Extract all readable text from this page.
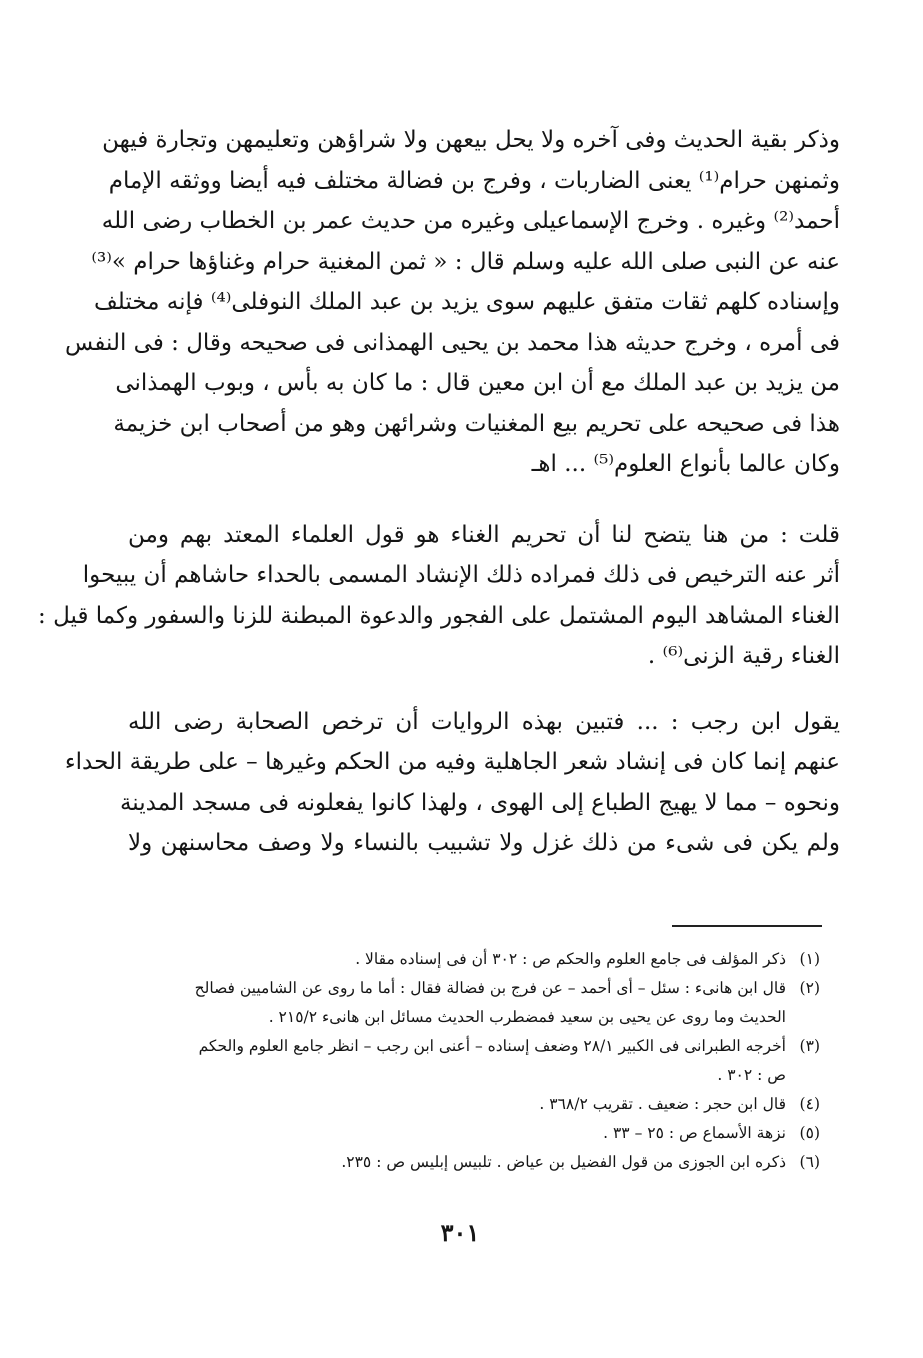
وذكر بقية الحديث وفى آخره ولا يحل بيعهن ولا شراؤهن وتعليمهن وتجارة فيهن
وثمنهن حرام⁽¹⁾ يعنى الضاربات ، وفرج بن فضالة مختلف فيه أيضا ووثقه الإمام
أحمد⁽²⁾ وغيره . وخرج الإسماعيلى وغيره من حديث عمر بن الخطاب رضى الله
عنه عن النبى صلى الله عليه وسلم قال : « ثمن المغنية حرام وغناؤها حرام »⁽³⁾
وإسناده كلهم ثقات متفق عليهم سوى يزيد بن عبد الملك النوفلى⁽⁴⁾ فإنه مختلف
فى أمره ، وخرج حديثه هذا محمد بن يحيى الهمذانى فى صحيحه وقال : فى النفس
من يزيد بن عبد الملك مع أن ابن معين قال : ما كان به بأس ، وبوب الهمذانى
هذا فى صحيحه على تحريم بيع المغنيات وشرائهن وهو من أصحاب ابن خزيمة
وكان عالما بأنواع العلوم⁽⁵⁾ ... اهـ
قلت : من هنا يتضح لنا أن تحريم الغناء هو قول العلماء المعتد بهم ومن
أثر عنه الترخيص فى ذلك فمراده ذلك الإنشاد المسمى بالحداء حاشاهم أن يبيحوا
الغناء المشاهد اليوم المشتمل على الفجور والدعوة المبطنة للزنا والسفور وكما قيل :
الغناء رقية الزنى⁽⁶⁾ .
يقول ابن رجب : ... فتبين بهذه الروايات أن ترخص الصحابة رضى الله
عنهم إنما كان فى إنشاد شعر الجاهلية وفيه من الحكم وغيرها – على طريقة الحداء
ونحوه – مما لا يهيج الطباع إلى الهوى ، ولهذا كانوا يفعلونه فى مسجد المدينة
ولم يكن فى شىء من ذلك غزل ولا تشبيب بالنساء ولا وصف محاسنهن ولا
(١)
ذكر المؤلف فى جامع العلوم والحكم ص : ٣٠٢ أن فى إسناده مقالا .
(٢)
قال ابن هانىء : سئل – أى أحمد – عن فرج بن فضالة فقال : أما ما روى عن الشاميين فصالح
الحديث وما روى عن يحيى بن سعيد فمضطرب الحديث مسائل ابن هانىء ٢١٥/٢ .
(٣)
أخرجه الطبرانى فى الكبير ٢٨/١ وضعف إسناده – أعنى ابن رجب – انظر جامع العلوم والحكم
ص : ٣٠٢ .
(٤)
قال ابن حجر : ضعيف . تقريب ٣٦٨/٢ .
(٥)
نزهة الأسماع ص : ٢٥ – ٣٣ .
(٦)
ذكره ابن الجوزى من قول الفضيل بن عياض . تلبيس إبليس ص : ٢٣٥.
٣٠١
